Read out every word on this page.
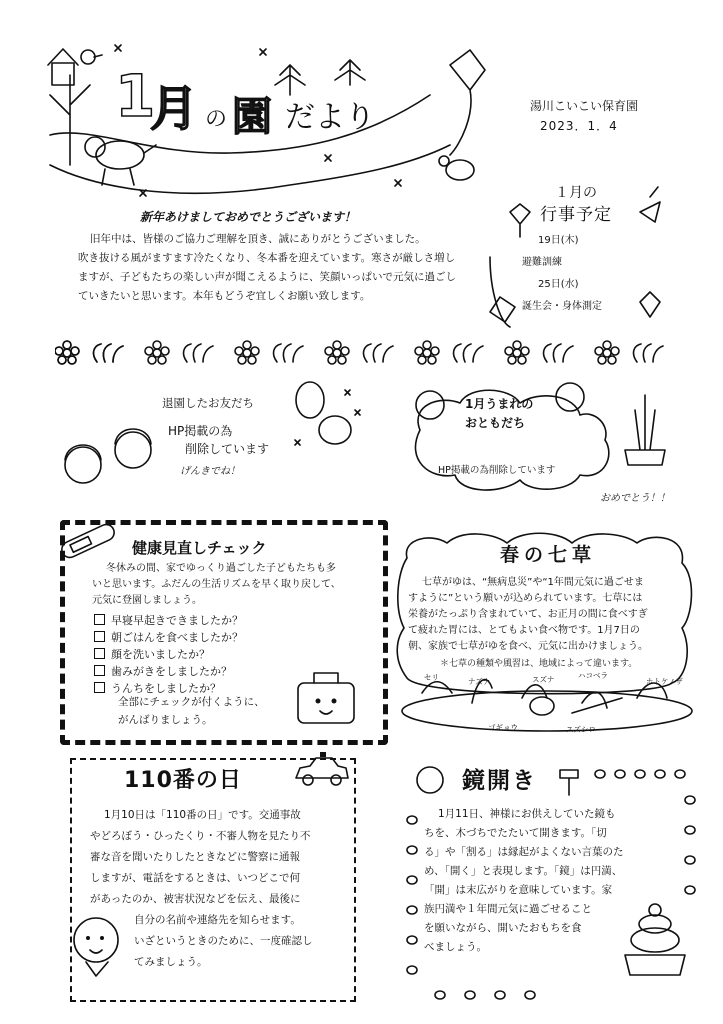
1
月 の 園 だより	湯川こいこい保育園
2023．1．4
新年あけましておめでとうございます！
旧年中は、皆様のご協力ご理解を頂き、誠にありがとうございました。
吹き抜ける風がますます冷たくなり、冬本番を迎えています。寒さが厳しさ増し
ますが、子どもたちの楽しい声が聞こえるように、笑顔いっぱいで元気に過ごし
ていきたいと思います。本年もどうぞ宜しくお願い致します。
１月の
行事予定
19日(木)
避難訓練
25日(水)
誕生会・身体測定
退園したお友だち
HP掲載の為
削除しています
げんきでね！
1月うまれの
おともだち
HP掲載の為削除しています
おめでとう！！
健康見直しチェック
冬休みの間、家でゆっくり過ごした子どもたちも多
いと思います。ふだんの生活リズムを早く取り戻して、
元気に登園しましょう。
早寝早起きできましたか？
朝ごはんを食べましたか？
顔を洗いましたか？
歯みがきをしましたか？
うんちをしましたか？
全部にチェックが付くように、
がんばりましょう。
春の七草
七草がゆは、“無病息災”や“1年間元気に過ごせま
すように”という願いが込められています。七草には
栄養がたっぷり含まれていて、お正月の間に食べすぎ
て疲れた胃には、とてもよい食べ物です。1月7日の
朝、家族で七草がゆを食べ、元気に出かけましょう。
＊七草の種類や風習は、地域によって違います。
セリ	ナズナ	スズナ	ハコベラ
ホトケノザ
ゴギョウ	スズシロ
110番の日
1月10日は「110番の日」です。交通事故
やどろぼう・ひったくり・不審人物を見たり不
審な音を聞いたりしたときなどに警察に通報
しますが、電話をするときは、いつどこで何
があったのか、被害状況などを伝え、最後に
自分の名前や連絡先を知らせます。
いざというときのために、一度確認し
てみましょう。
鏡開き
1月11日、神様にお供えしていた鏡も
ちを、木づちでたたいて開きます。「切
る」や「割る」は縁起がよくない言葉のた
め、「開く」と表現します。「鏡」は円満、
「開」は末広がりを意味しています。家
族円満や１年間元気に過ごせること
を願いながら、開いたおもちを食
べましょう。
